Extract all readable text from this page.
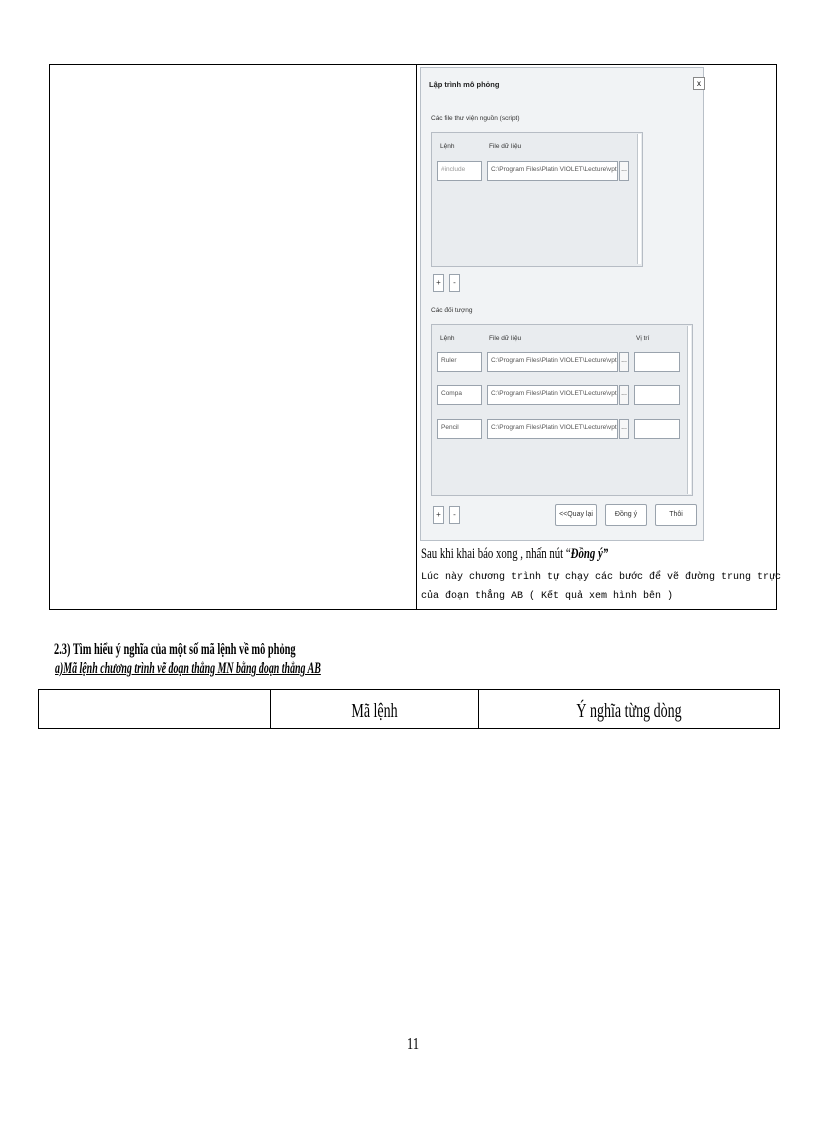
Lập trình mô phỏng	x
Các file thư viện nguồn (script)
Lệnh	File dữ liệu
#include	C:\Program Files\Platin VIOLET\Lecture\vpt ...
+	-
Các đối tượng
Lệnh	File dữ liệu	Vị trí
Ruler	C:\Program Files\Platin VIOLET\Lecture\vpt ...
Compa	C:\Program Files\Platin VIOLET\Lecture\vpt ...
Pencil	C:\Program Files\Platin VIOLET\Lecture\vpt ...
+	-	<<Quay lại	Đồng ý	Thôi
Sau khi khai báo xong , nhấn nút “Đồng ý”
Lúc này chương trình tự chạy các bước để vẽ đường trung trực
của đoạn thẳng AB ( Kết quả xem hình bên )
2.3) Tìm hiểu ý nghĩa của một số mã lệnh về mô phỏng
a)Mã lệnh chương trình vẽ đoạn thẳng MN bằng đoạn thẳng AB
Mã lệnh	Ý nghĩa từng dòng
11
